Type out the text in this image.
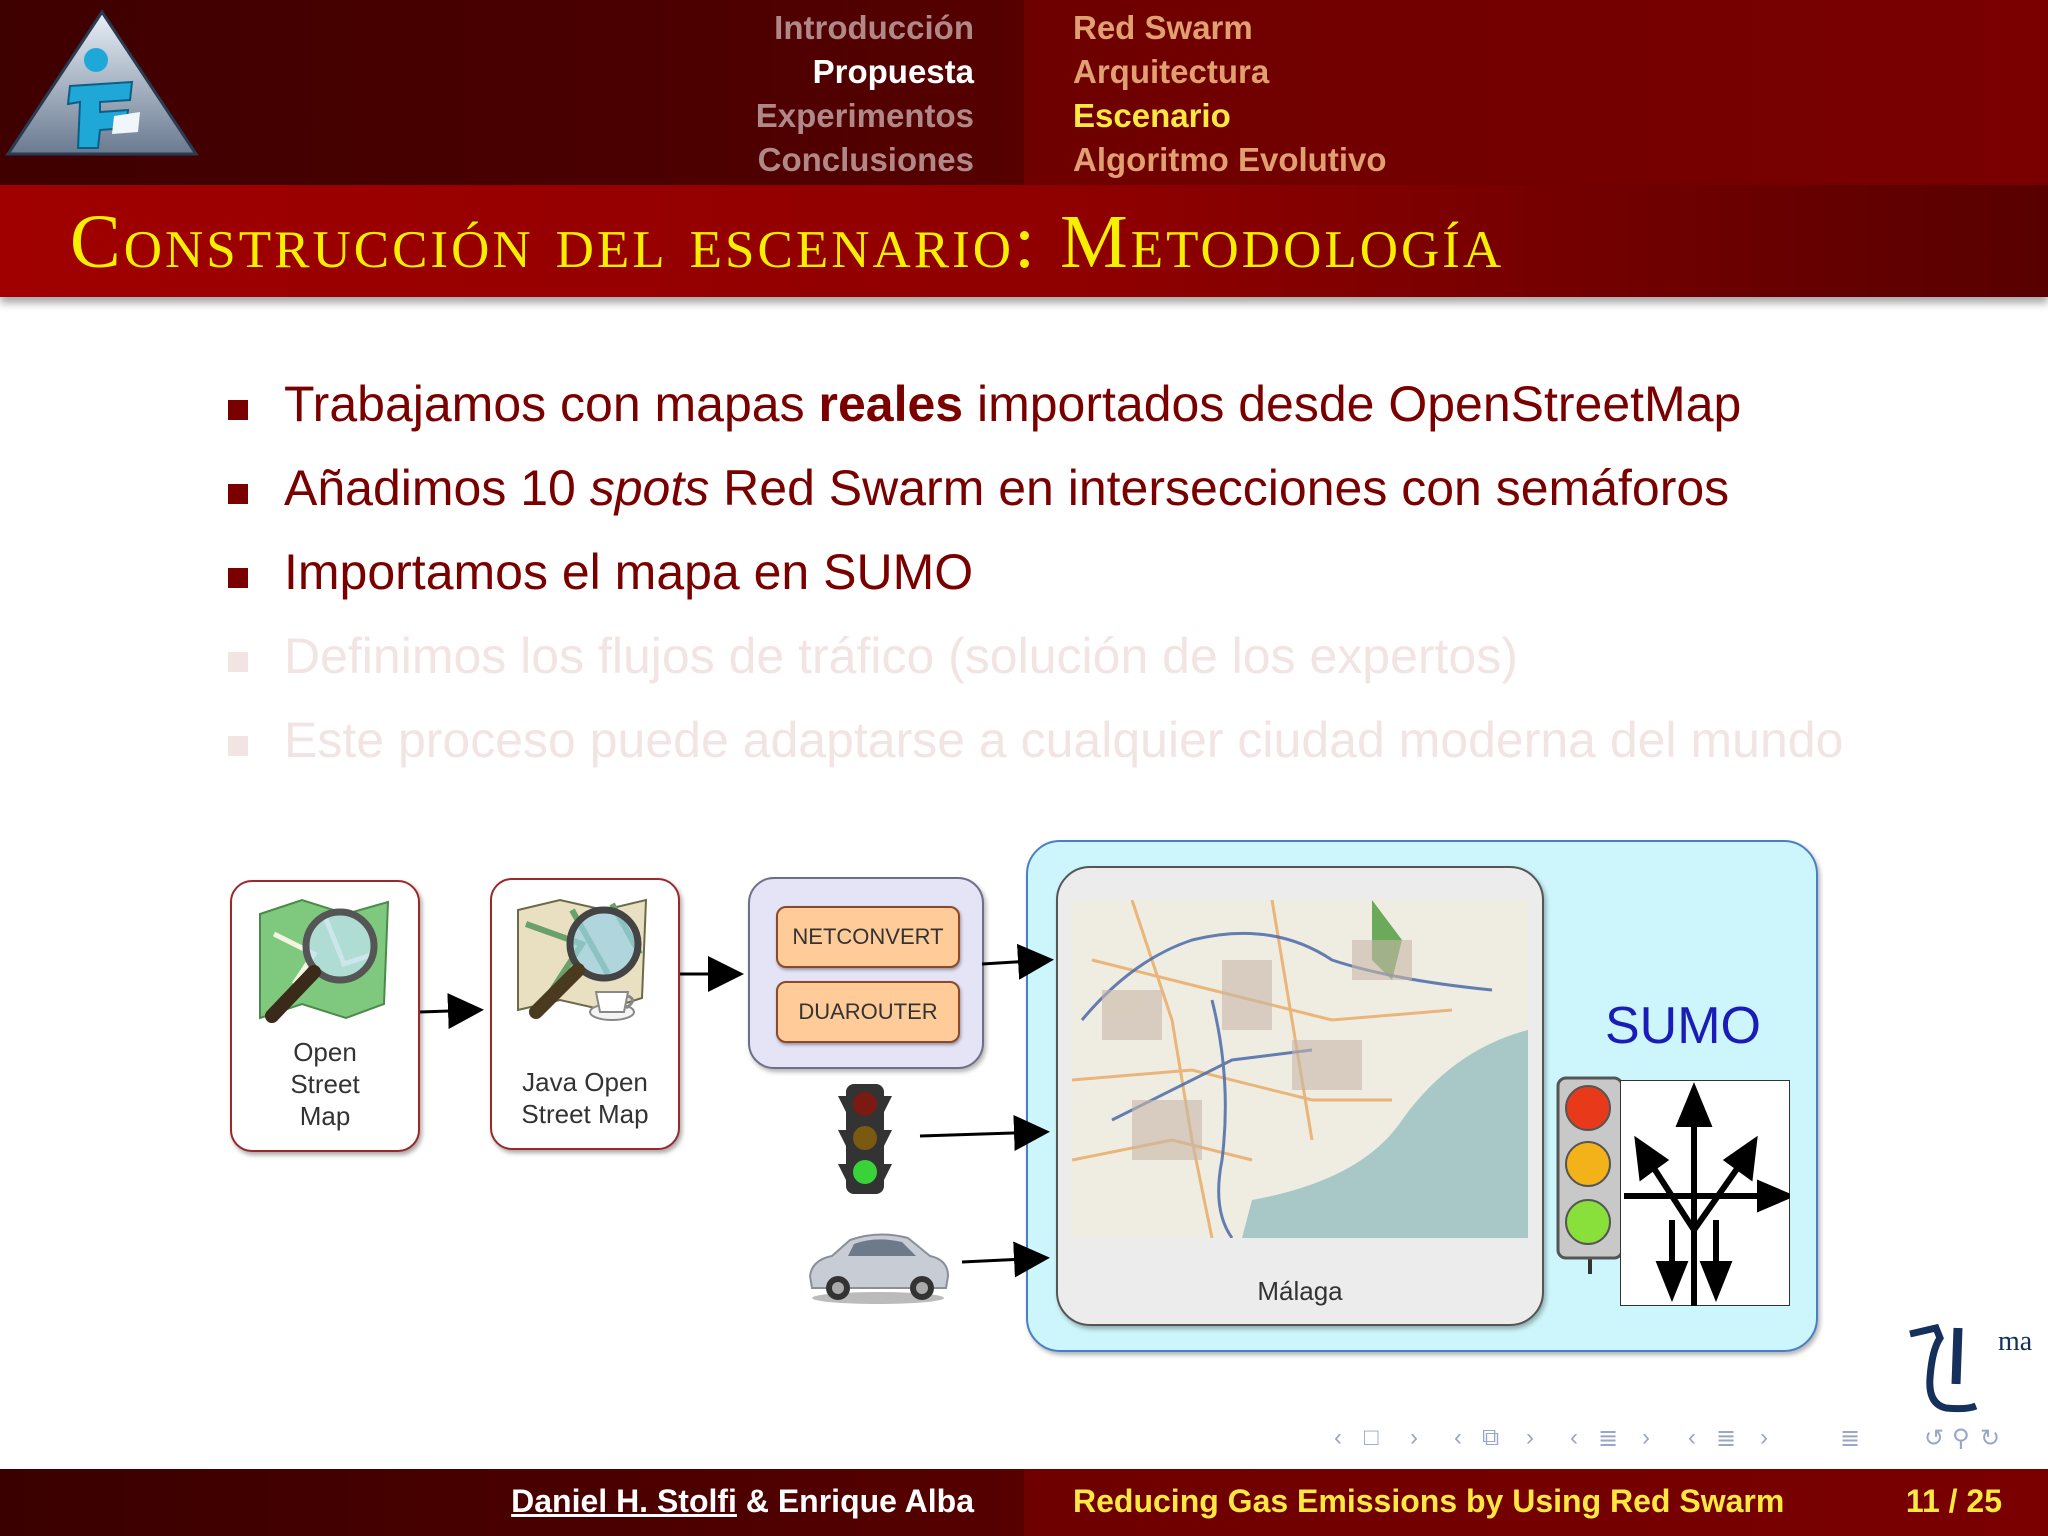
Introducción
Propuesta
Experimentos
Conclusiones
Red Swarm
Arquitectura
Escenario
Algoritmo Evolutivo
Construcción del escenario: Metodología
Trabajamos con mapas reales importados desde OpenStreetMap
Añadimos 10 spots Red Swarm en intersecciones con semáforos
Importamos el mapa en SUMO
Definimos los flujos de tráfico (solución de los expertos)
Este proceso puede adaptarse a cualquier ciudad moderna del mundo
Open
Street
Map
Java Open
Street Map
NETCONVERT
DUAROUTER
Málaga
SUMO
ma
‹ □ › ‹ ⧉ › ‹ ≣ › ‹ ≣ ›	≣	↺ ⚲ ↻
Daniel H. Stolfi & Enrique Alba	Reducing Gas Emissions by Using Red Swarm	11 / 25
